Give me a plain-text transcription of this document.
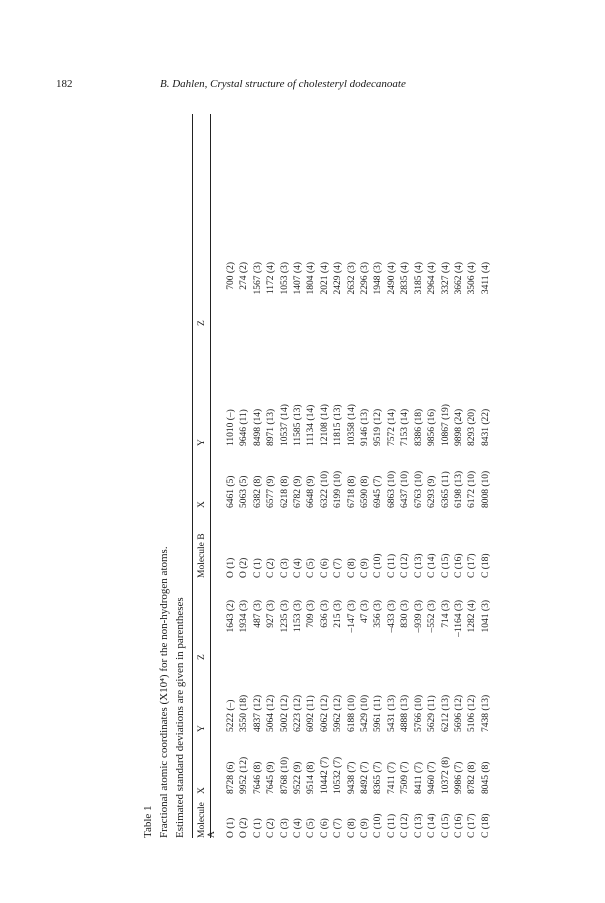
182	B. Dahlen, Crystal structure of cholesteryl dodecanoate
Table 1 Fractional atomic coordinates (X10⁴) for the non-hydrogen atoms. Estimated standard deviations are given in parentheses Molecule A	X	Y	Z	Molecule B	X	Y	Z
O (1)	8728 (6)	5222 (–)	1643 (2)	O (1)	6461 (5)	11010 (–)	700 (2)
O (2)	9952 (12)	3550 (18)	1934 (3)	O (2)	5063 (5)	9646 (11)	274 (2)
C (1)	7646 (8)	4837 (12)	487 (3)	C (1)	6382 (8)	8498 (14)	1567 (3)
C (2)	7645 (9)	5064 (12)	927 (3)	C (2)	6577 (9)	8971 (13)	1172 (4)
C (3)	8768 (10)	5002 (12)	1235 (3)	C (3)	6218 (8)	10537 (14)	1053 (3)
C (4)	9522 (9)	6223 (12)	1153 (3)	C (4)	6782 (9)	11585 (13)	1407 (4)
C (5)	9514 (8)	6092 (11)	709 (3)	C (5)	6648 (9)	11134 (14)	1804 (4)
C (6)	10442 (7)	6062 (12)	636 (3)	C (6)	6322 (10)	12108 (14)	2021 (4)
C (7)	10532 (7)	5962 (12)	215 (3)	C (7)	6199 (10)	11815 (13)	2429 (4)
C (8)	9438 (7)	6188 (10)	–147 (3)	C (8)	6718 (8)	10358 (14)	2632 (3)
C (9)	8492 (7)	5429 (10)	47 (3)	C (9)	6590 (8)	9146 (13)	2296 (3)
C (10)	8365 (7)	5961 (11)	356 (3)	C (10)	6945 (7)	9519 (12)	1948 (3)
C (11)	7411 (7)	5431 (13)	–433 (3)	C (11)	6863 (10)	7572 (14)	2490 (4)
C (12)	7509 (7)	4888 (13)	830 (3)	C (12)	6437 (10)	7153 (14)	2835 (4)
C (13)	8411 (7)	5766 (10)	–939 (3)	C (13)	6763 (10)	8386 (18)	3185 (4)
C (14)	9460 (7)	5629 (11)	–552 (3)	C (14)	6293 (9)	9856 (16)	2964 (4)
C (15)	10372 (8)	6212 (13)	714 (3)	C (15)	6365 (11)	10867 (19)	3327 (4)
C (16)	9986 (7)	5696 (12)	–1164 (3)	C (16)	6198 (13)	9898 (24)	3662 (4)
C (17)	8782 (8)	5106 (12)	1282 (4)	C (17)	6172 (10)	8293 (20)	3506 (4)
C (18)	8045 (8)	7438 (13)	1041 (3)	C (18)	8008 (10)	8431 (22)	3411 (4)
